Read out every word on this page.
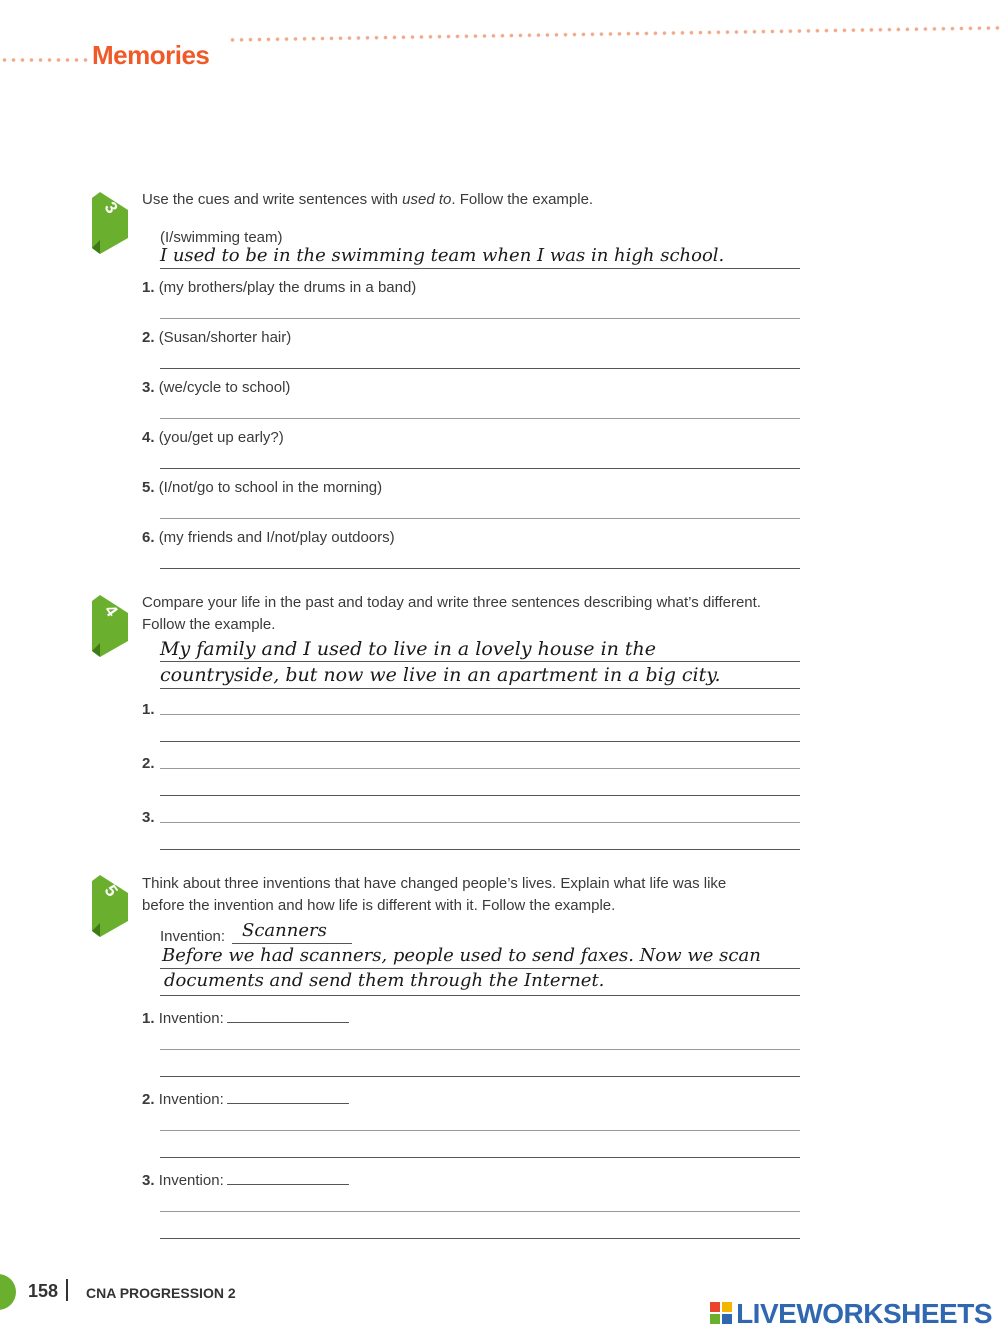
Memories
3 Use the cues and write sentences with used to. Follow the example.
(I/swimming team)
I used to be in the swimming team when I was in high school.
1. (my brothers/play the drums in a band)
2. (Susan/shorter hair)
3. (we/cycle to school)
4. (you/get up early?)
5. (I/not/go to school in the morning)
6. (my friends and I/not/play outdoors)
4 Compare your life in the past and today and write three sentences describing what’s different.
Follow the example.
My family and I used to live in a lovely house in the
countryside, but now we live in an apartment in a big city.
1.
2.
3.
5 Think about three inventions that have changed people’s lives. Explain what life was like
before the invention and how life is different with it. Follow the example.
Invention: Scanners
Before we had scanners, people used to send faxes. Now we scan
documents and send them through the Internet.
1. Invention:
2. Invention:
3. Invention:
158 CNA PROGRESSION 2
LIVEWORKSHEETS
